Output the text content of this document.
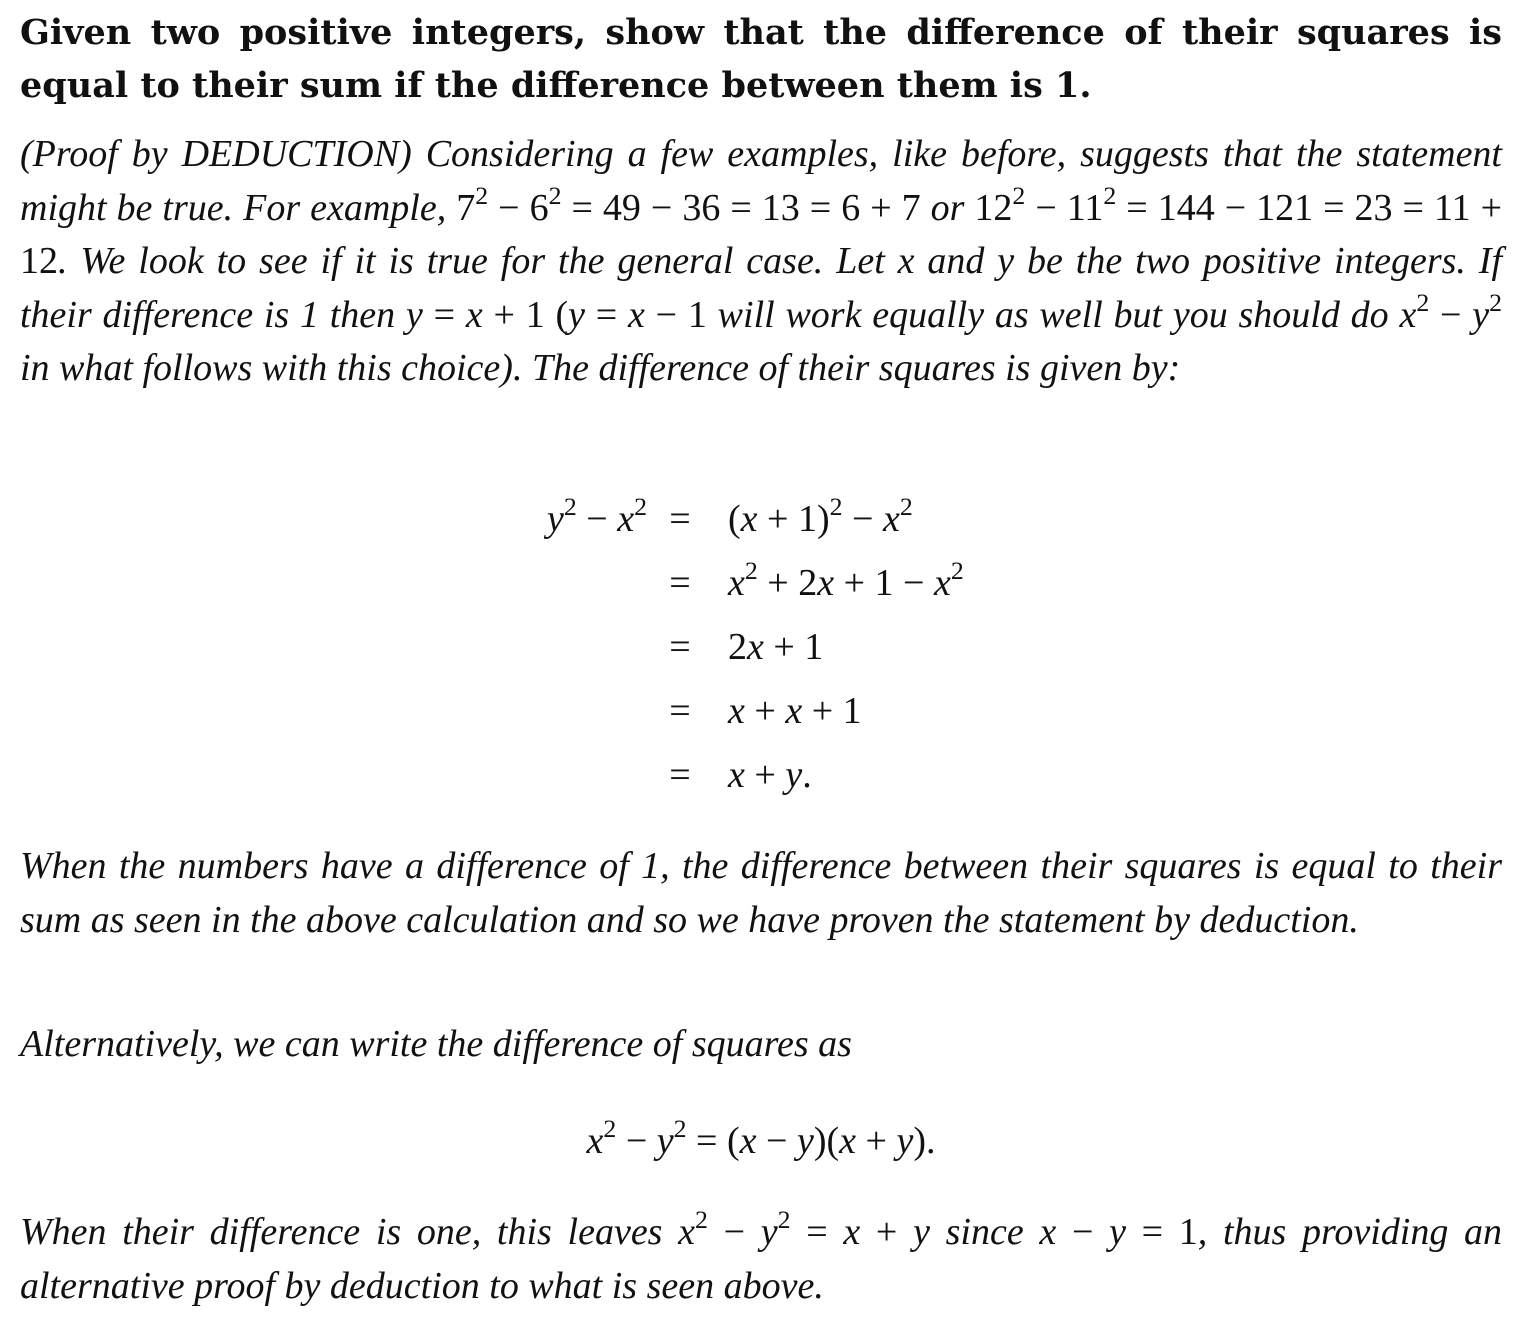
Given two positive integers, show that the difference of their squares is equal to their sum if the difference between them is 1.

(Proof by DEDUCTION) Considering a few examples, like before, suggests that the statement might be true. For example, $7^2 - 6^2 = 49 - 36 = 13 = 6 + 7$ or $12^2 - 11^2 = 144 - 121 = 23 = 11 + 12$. We look to see if it is true for the general case. Let x and y be the two positive integers. If their difference is 1 then y = x + 1 (y = x − 1 will work equally as well but you should do $x^2 - y^2$ in what follows with this choice). The difference of their squares is given by:

$y^2 - x^2 = (x + 1)^2 - x^2$
= $x^2 + 2x + 1 - x^2$
= 2x + 1
= x + x + 1
= x + y.

When the numbers have a difference of 1, the difference between their squares is equal to their sum as seen in the above calculation and so we have proven the statement by deduction.

Alternatively, we can write the difference of squares as

$x^2 - y^2 = (x - y)(x + y)$.

When their difference is one, this leaves $x^2 - y^2 = x + y$ since x − y = 1, thus providing an alternative proof by deduction to what is seen above.
